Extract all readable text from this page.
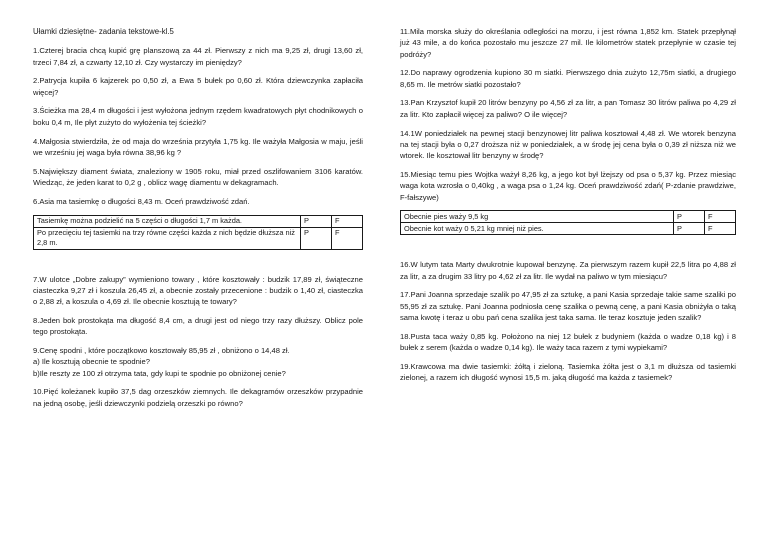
Ułamki dziesiętne- zadania tekstowe-kl.5

1.Czterej bracia chcą kupić grę planszową za 44 zł. Pierwszy z nich ma 9,25 zł, drugi 13,60 zł, trzeci 7,84 zł, a czwarty 12,10 zł. Czy wystarczy im pieniędzy?

2.Patrycja kupiła 6 kajzerek po 0,50 zł, a Ewa 5 bułek po 0,60 zł. Która dziewczynka zapłaciła więcej?

3.Ścieżka ma 28,4 m długości i jest wyłożona jednym rzędem kwadratowych płyt chodnikowych o boku 0,4 m, Ile płyt zużyto do wyłożenia tej ścieżki?

4.Małgosia stwierdziła, że od maja do września przytyła 1,75 kg. Ile ważyła Małgosia w maju, jeśli we wrześniu jej waga była równa 38,96 kg ?

5.Największy diament świata, znaleziony w 1905 roku, miał przed oszlifowaniem 3106 karatów. Wiedząc, że jeden karat to 0,2 g , oblicz wagę diamentu w dekagramach.

6.Asia ma tasiemkę o długości 8,43 m. Oceń prawdziwość zdań.

Tasiemkę można podzielić na 5 części o długości 1,7 m każda.	P	F
Po przecięciu tej tasiemki na trzy równe części każda z nich będzie dłuższa niż 2,8 m.	P	F

7.W ulotce „Dobre zakupy” wymieniono towary , które kosztowały : budzik 17,89 zł, świąteczne ciasteczka 9,27 zł i koszula 26,45 zł, a obecnie zostały przecenione : budzik o 1,40 zł, ciasteczka o 2,88 zł, a koszula o 4,69 zł. Ile obecnie kosztują te towary?

8.Jeden bok prostokąta ma długość 8,4 cm, a drugi jest od niego trzy razy dłuższy. Oblicz pole tego prostokąta.

9.Cenę spodni , które początkowo kosztowały 85,95 zł , obniżono o 14,48 zł.
a) Ile kosztują obecnie te spodnie?
b)Ile reszty ze 100 zł otrzyma tata, gdy kupi te spodnie po obniżonej cenie?

10.Pięć koleżanek kupiło 37,5 dag orzeszków ziemnych. Ile dekagramów orzeszków przypadnie na jedną osobę, jeśli dziewczynki podzielą orzeszki po równo?

11.Mila morska służy do określania odległości na morzu, i jest równa 1,852 km. Statek przepłynął już 43 mile, a do końca pozostało mu jeszcze 27 mil. Ile kilometrów statek przepłynie w czasie tej podróży?

12.Do naprawy ogrodzenia kupiono 30 m siatki. Pierwszego dnia zużyto 12,75m siatki, a drugiego 8,65 m. Ile metrów siatki pozostało?

13.Pan Krzysztof kupił 20 litrów benzyny po 4,56 zł za litr, a pan Tomasz 30 litrów paliwa po 4,29 zł za litr. Kto zapłacił więcej za paliwo? O ile więcej?

14.1W poniedziałek na pewnej stacji benzynowej litr paliwa kosztował 4,48 zł. We wtorek benzyna na tej stacji była o 0,27 droższa niż w poniedziałek, a w środę jej cena była o 0,39 zł niższa niż we wtorek. Ile kosztował litr benzyny w środę?

15.Miesiąc temu pies Wojtka ważył 8,26 kg, a jego kot był lżejszy od psa o 5,37 kg. Przez miesiąc waga kota wzrosła o 0,40kg , a waga psa o 1,24 kg. Oceń prawdziwość zdań( P-zdanie prawdziwe, F-fałszywe)

Obecnie pies waży 9,5 kg	P	F
Obecnie kot waży 0 5,21 kg mniej niż pies.	P	F

16.W lutym tata Marty dwukrotnie kupował benzynę. Za pierwszym razem kupił 22,5 litra po 4,88 zł za litr, a za drugim 33 litry po 4,62 zł za litr. Ile wydał na paliwo w tym miesiącu?

17.Pani Joanna sprzedaje szalik po 47,95 zł za sztukę, a pani Kasia sprzedaje takie same szaliki po 55,95 zł za sztukę. Pani Joanna podniosła cenę szalika o pewną cenę, a pani Kasia obniżyła o taką sama kwotę i teraz u obu pań cena szalika jest taka sama. Ile teraz kosztuje jeden szalik?

18.Pusta taca waży 0,85 kg. Położono na niej 12 bułek z budyniem (każda o wadze 0,18 kg) i 8 bułek z serem (każda o wadze 0,14 kg). Ile waży taca razem z tymi wypiekami?

19.Krawcowa ma dwie tasiemki: żółtą i zieloną. Tasiemka żółta jest o 3,1 m dłuższa od tasiemki zielonej, a razem ich długość wynosi 15,5 m. jaką długość ma każda z tasiemek?
